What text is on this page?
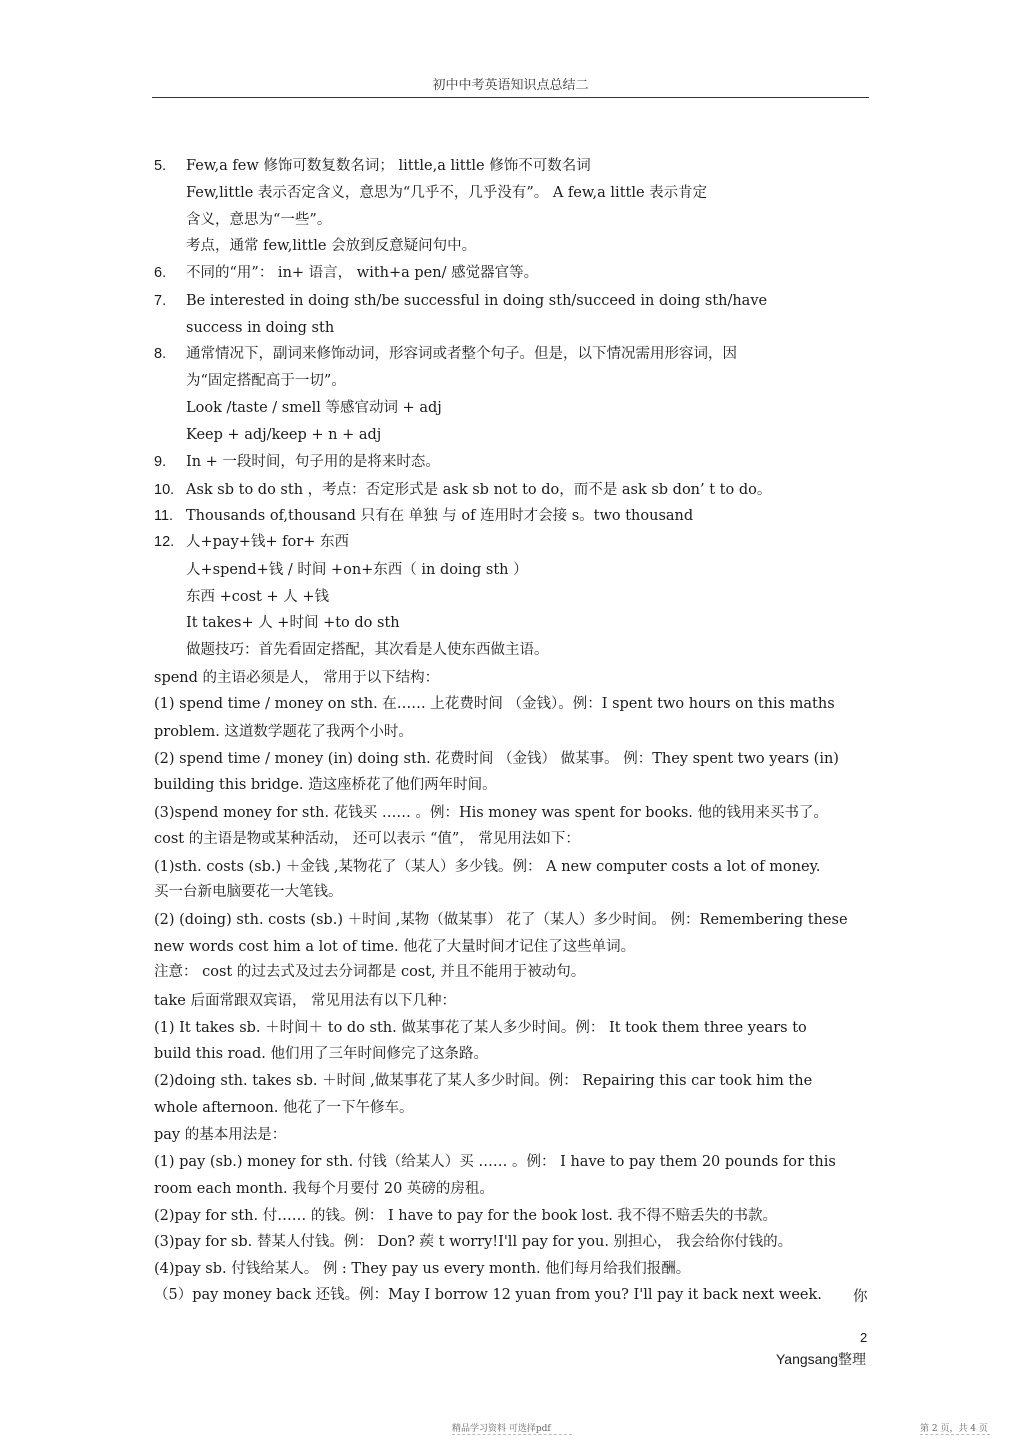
初中中考英语知识点总结二
5.
6.
7.
8.
9.
10.
11.
12.
Few,a few 修饰可数复数名词； little,a little 修饰不可数名词
Few,little 表示否定含义，意思为“几乎不，几乎没有”。 A few,a little 表示肯定
含义，意思为“一些”。
考点，通常 few,little 会放到反意疑问句中。
不同的“用”： in+ 语言， with+a pen/ 感觉器官等。
Be interested in doing sth/be successful in doing sth/succeed in doing sth/have
success in doing sth
通常情况下，副词来修饰动词，形容词或者整个句子。但是，以下情况需用形容词，因
为“固定搭配高于一切”。
Look /taste / smell 等感官动词 + adj
Keep + adj/keep + n + adj
In + 一段时间，句子用的是将来时态。
Ask sb to do sth ，考点：否定形式是 ask sb not to do，而不是 ask sb don’ t to do。
Thousands of,thousand 只有在 单独 与 of 连用时才会接 s。two thousand
人+pay+钱+ for+ 东西
人+spend+钱 / 时间 +on+东西（ in doing sth ）
东西 +cost + 人 +钱
It takes+ 人 +时间 +to do sth
做题技巧：首先看固定搭配，其次看是人使东西做主语。
spend 的主语必须是人， 常用于以下结构：
(1) spend time / money on sth. 在…… 上花费时间 （金钱）。例：I spent two hours on this maths
problem. 这道数学题花了我两个小时。
(2) spend time / money (in) doing sth. 花费时间 （金钱） 做某事。 例：They spent two years (in)
building this bridge. 造这座桥花了他们两年时间。
(3)spend money for sth. 花钱买 …… 。例：His money was spent for books. 他的钱用来买书了。
cost 的主语是物或某种活动， 还可以表示 “值”， 常见用法如下：
(1)sth. costs (sb.) ＋金钱 ,某物花了（某人）多少钱。例： A new computer costs a lot of money.
买一台新电脑要花一大笔钱。
(2) (doing) sth. costs (sb.) ＋时间 ,某物（做某事） 花了（某人）多少时间。 例：Remembering these
new words cost him a lot of time. 他花了大量时间才记住了这些单词。
注意： cost 的过去式及过去分词都是 cost, 并且不能用于被动句。
take 后面常跟双宾语， 常见用法有以下几种：
(1) It takes sb. ＋时间＋ to do sth. 做某事花了某人多少时间。例： It took them three years to
build this road. 他们用了三年时间修完了这条路。
(2)doing sth. takes sb. ＋时间 ,做某事花了某人多少时间。例： Repairing this car took him the
whole afternoon. 他花了一下午修车。
pay 的基本用法是：
(1) pay (sb.) money for sth. 付钱（给某人）买 …… 。例： I have to pay them 20 pounds for this
room each month. 我每个月要付 20 英磅的房租。
(2)pay for sth. 付…… 的钱。例： I have to pay for the book lost. 我不得不赔丢失的书款。
(3)pay for sb. 替某人付钱。例： Don? 蒺 t worry!I'll pay for you. 别担心， 我会给你付钱的。
(4)pay sb. 付钱给某人。 例 : They pay us every month. 他们每月给我们报酬。
（5）pay money back 还钱。例：May I borrow 12 yuan from you? I'll pay it back next week. 你
2
Yangsang整理
精品学习资料 可选择pdf	第 2 页，共 4 页
